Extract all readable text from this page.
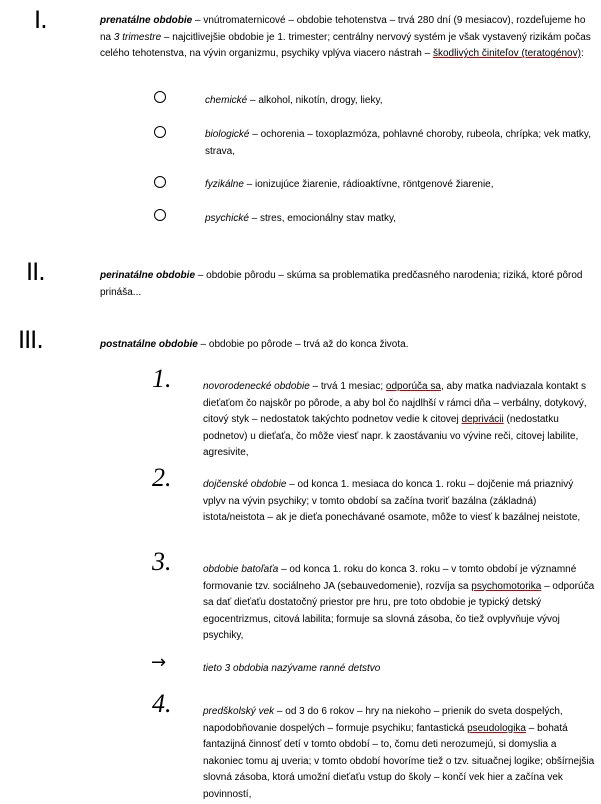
I.	prenatálne obdobie – vnútromaternicové – obdobie tehotenstva – trvá 280 dní (9 mesiacov), rozdeľujeme ho na 3 trimestre – najcitlivejšie obdobie je 1. trimester; centrálny nervový systém je však vystavený rizikám počas celého tehotenstva, na vývin organizmu, psychiky vplýva viacero nástrah – škodlivých činiteľov (teratogénov):
chemické – alkohol, nikotín, drogy, lieky,
biologické – ochorenia – toxoplazmóza, pohlavné choroby, rubeola, chrípka; vek matky, strava,
fyzikálne – ionizujúce žiarenie, rádioaktívne, röntgenové žiarenie,
psychické – stres, emocionálny stav matky,
II.	perinatálne obdobie – obdobie pôrodu – skúma sa problematika predčasného narodenia; riziká, ktoré pôrod prináša...
III.	postnatálne obdobie – obdobie po pôrode – trvá až do konca života.
1.	novorodenecké obdobie – trvá 1 mesiac; odporúča sa, aby matka nadviazala kontakt s dieťaťom čo najskôr po pôrode, a aby bol čo najdlhší v rámci dňa – verbálny, dotykový, citový styk – nedostatok takýchto podnetov vedie k citovej deprivácii (nedostatku podnetov) u dieťaťa, čo môže viesť napr. k zaostávaniu vo vývine reči, citovej labilite, agresivite,
2.	dojčenské obdobie – od konca 1. mesiaca do konca 1. roku – dojčenie má priaznivý vplyv na vývin psychiky; v tomto období sa začína tvoriť bazálna (základná) istota/neistota – ak je dieťa ponechávané osamote, môže to viesť k bazálnej neistote,
3.	obdobie batoľaťa – od konca 1. roku do konca 3. roku – v tomto období je významné formovanie tzv. sociálneho JA (sebauvedomenie), rozvíja sa psychomotorika – odporúča sa dať dieťaťu dostatočný priestor pre hru, pre toto obdobie je typický detský egocentrizmus, citová labilita; formuje sa slovná zásoba, čo tiež ovplyvňuje vývoj psychiky,
→	tieto 3 obdobia nazývame ranné detstvo
4.	predškolský vek – od 3 do 6 rokov – hry na niekoho – prienik do sveta dospelých, napodobňovanie dospelých – formuje psychiku; fantastická pseudologika – bohatá fantazijná činnosť detí v tomto období – to, čomu deti nerozumejú, si domyslia a nakoniec tomu aj uveria; v tomto období hovoríme tiež o tzv. situačnej logike; obšírnejšia slovná zásoba, ktorá umožní dieťaťu vstup do školy – končí vek hier a začína vek povinností,
